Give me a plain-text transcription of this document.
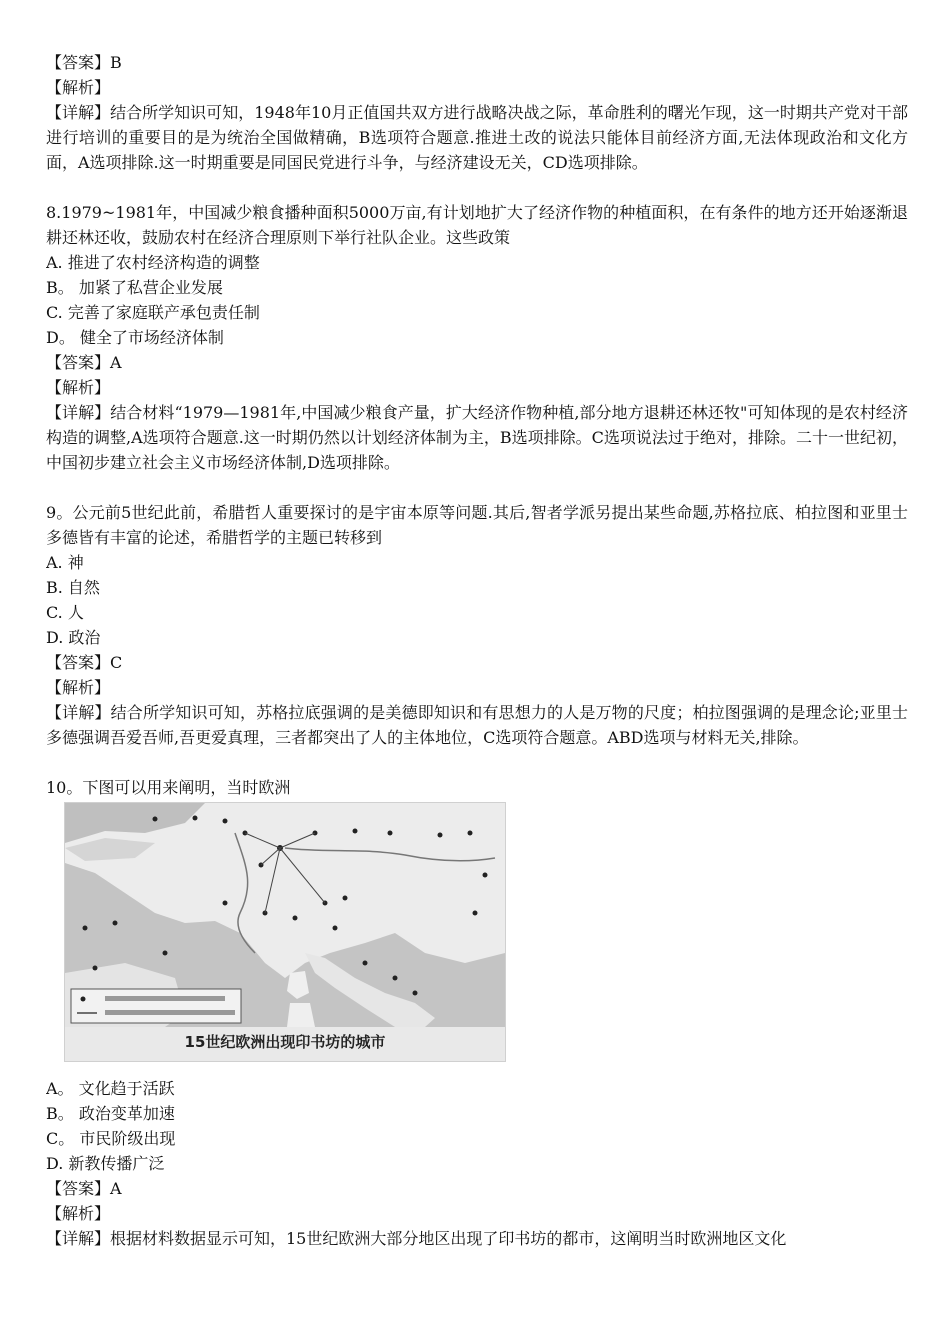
【答案】B
【解析】
【详解】结合所学知识可知，1948年10月正值国共双方进行战略决战之际，革命胜利的曙光乍现，这一时期共产党对干部进行培训的重要目的是为统治全国做精确，B选项符合题意.推进土改的说法只能体目前经济方面,无法体现政治和文化方面，A选项排除.这一时期重要是同国民党进行斗争，与经济建设无关，CD选项排除。
8.1979~1981年，中国减少粮食播种面积5000万亩,有计划地扩大了经济作物的种植面积，在有条件的地方还开始逐渐退耕还林还收，鼓励农村在经济合理原则下举行社队企业。这些政策
A. 推进了农村经济构造的调整
B。 加紧了私营企业发展
C. 完善了家庭联产承包责任制
D。 健全了市场经济体制
【答案】A
【解析】
【详解】结合材料“1979—1981年,中国减少粮食产量，扩大经济作物种植,部分地方退耕还林还牧"可知体现的是农村经济构造的调整,A选项符合题意.这一时期仍然以计划经济体制为主，B选项排除。C选项说法过于绝对，排除。二十一世纪初，中国初步建立社会主义市场经济体制,D选项排除。
9。公元前5世纪此前，希腊哲人重要探讨的是宇宙本原等问题.其后,智者学派另提出某些命题,苏格拉底、柏拉图和亚里士多德皆有丰富的论述，希腊哲学的主题已转移到
A. 神
B. 自然
C. 人
D. 政治
【答案】C
【解析】
【详解】结合所学知识可知，苏格拉底强调的是美德即知识和有思想力的人是万物的尺度；柏拉图强调的是理念论;亚里士多德强调吾爱吾师,吾更爱真理，三者都突出了人的主体地位，C选项符合题意。ABD选项与材料无关,排除。
10。下图可以用来阐明，当时欧洲
15世纪欧洲出现印书坊的城市
A。 文化趋于活跃
B。 政治变革加速
C。 市民阶级出现
D. 新教传播广泛
【答案】A
【解析】
【详解】根据材料数据显示可知，15世纪欧洲大部分地区出现了印书坊的都市，这阐明当时欧洲地区文化
